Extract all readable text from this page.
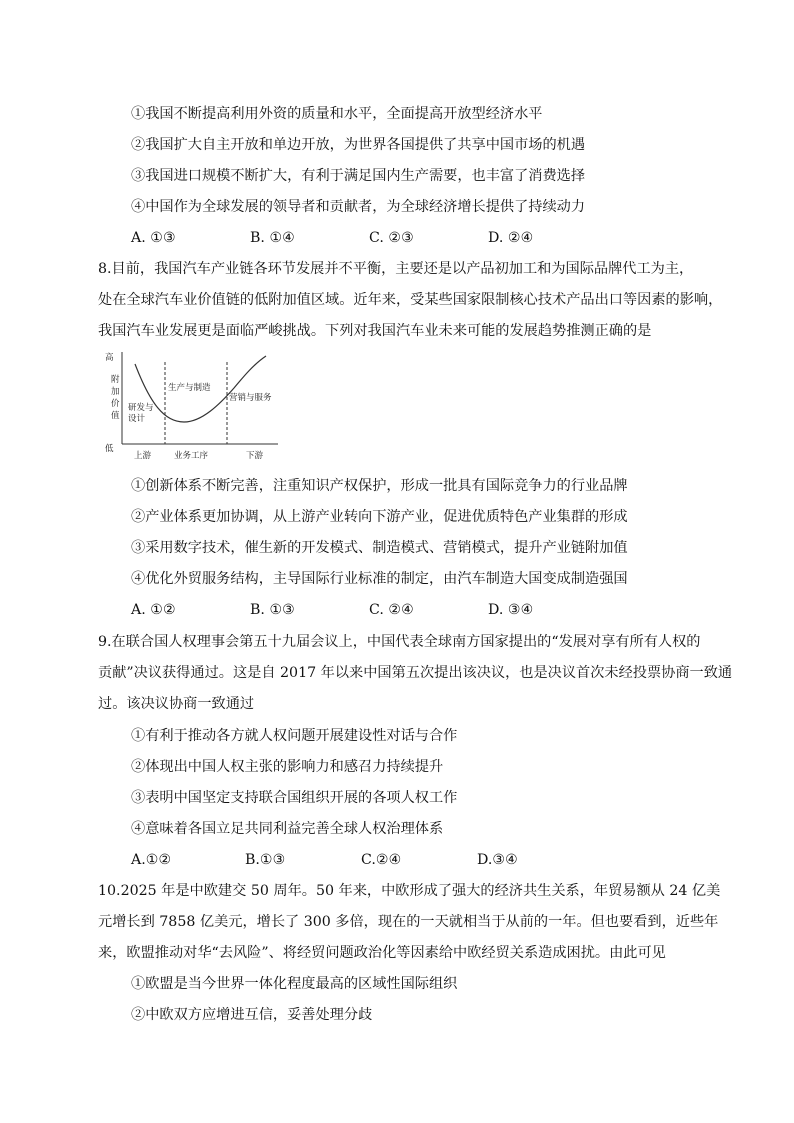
①我国不断提高利用外资的质量和水平，全面提高开放型经济水平
②我国扩大自主开放和单边开放，为世界各国提供了共享中国市场的机遇
③我国进口规模不断扩大，有利于满足国内生产需要，也丰富了消费选择
④中国作为全球发展的领导者和贡献者，为全球经济增长提供了持续动力
A. ①③	B. ①④	C. ②③	D. ②④
8.目前，我国汽车产业链各环节发展并不平衡，主要还是以产品初加工和为国际品牌代工为主，
处在全球汽车业价值链的低附加值区域。近年来，受某些国家限制核心技术产品出口等因素的影响，
我国汽车业发展更是面临严峻挑战。下列对我国汽车业未来可能的发展趋势推测正确的是
高
附
加
价
值
低
研发与设计
生产与制造
营销与服务
上游	业务工序	下游
①创新体系不断完善，注重知识产权保护，形成一批具有国际竞争力的行业品牌
②产业体系更加协调，从上游产业转向下游产业，促进优质特色产业集群的形成
③采用数字技术，催生新的开发模式、制造模式、营销模式，提升产业链附加值
④优化外贸服务结构，主导国际行业标准的制定，由汽车制造大国变成制造强国
A. ①②	B. ①③	C. ②④	D. ③④
9.在联合国人权理事会第五十九届会议上，中国代表全球南方国家提出的“发展对享有所有人权的
贡献”决议获得通过。这是自 2017 年以来中国第五次提出该决议，也是决议首次未经投票协商一致通
过。该决议协商一致通过
①有利于推动各方就人权问题开展建设性对话与合作
②体现出中国人权主张的影响力和感召力持续提升
③表明中国坚定支持联合国组织开展的各项人权工作
④意味着各国立足共同利益完善全球人权治理体系
A.①②	B.①③	C.②④	D.③④
10.2025 年是中欧建交 50 周年。50 年来，中欧形成了强大的经济共生关系，年贸易额从 24 亿美
元增长到 7858 亿美元，增长了 300 多倍，现在的一天就相当于从前的一年。但也要看到，近些年
来，欧盟推动对华“去风险”、将经贸问题政治化等因素给中欧经贸关系造成困扰。由此可见
①欧盟是当今世界一体化程度最高的区域性国际组织
②中欧双方应增进互信，妥善处理分歧
